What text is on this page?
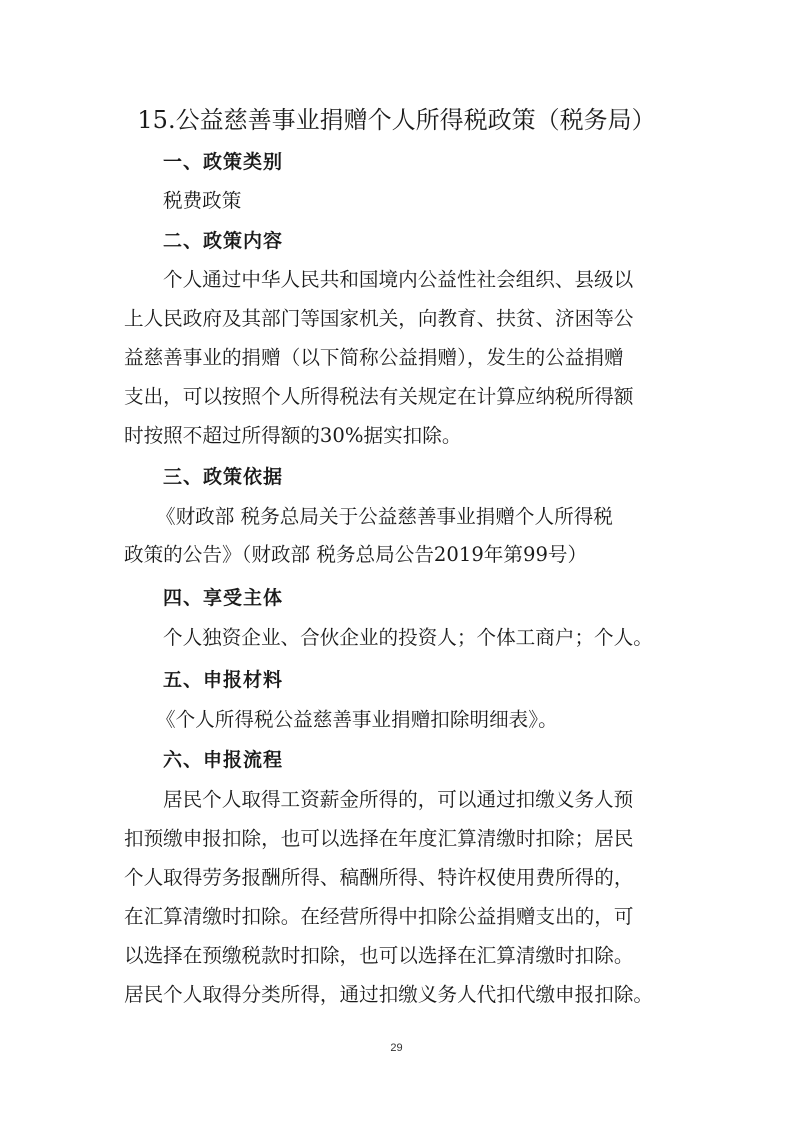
15.公益慈善事业捐赠个人所得税政策（税务局）
一、政策类别
税费政策
二、政策内容
个人通过中华人民共和国境内公益性社会组织、县级以
上人民政府及其部门等国家机关，向教育、扶贫、济困等公
益慈善事业的捐赠（以下简称公益捐赠），发生的公益捐赠
支出，可以按照个人所得税法有关规定在计算应纳税所得额
时按照不超过所得额的30%据实扣除。
三、政策依据
《财政部 税务总局关于公益慈善事业捐赠个人所得税
政策的公告》（财政部 税务总局公告2019年第99号）
四、享受主体
个人独资企业、合伙企业的投资人；个体工商户；个人。
五、申报材料
《个人所得税公益慈善事业捐赠扣除明细表》。
六、申报流程
居民个人取得工资薪金所得的，可以通过扣缴义务人预
扣预缴申报扣除，也可以选择在年度汇算清缴时扣除；居民
个人取得劳务报酬所得、稿酬所得、特许权使用费所得的，
在汇算清缴时扣除。在经营所得中扣除公益捐赠支出的，可
以选择在预缴税款时扣除，也可以选择在汇算清缴时扣除。
居民个人取得分类所得，通过扣缴义务人代扣代缴申报扣除。
29
